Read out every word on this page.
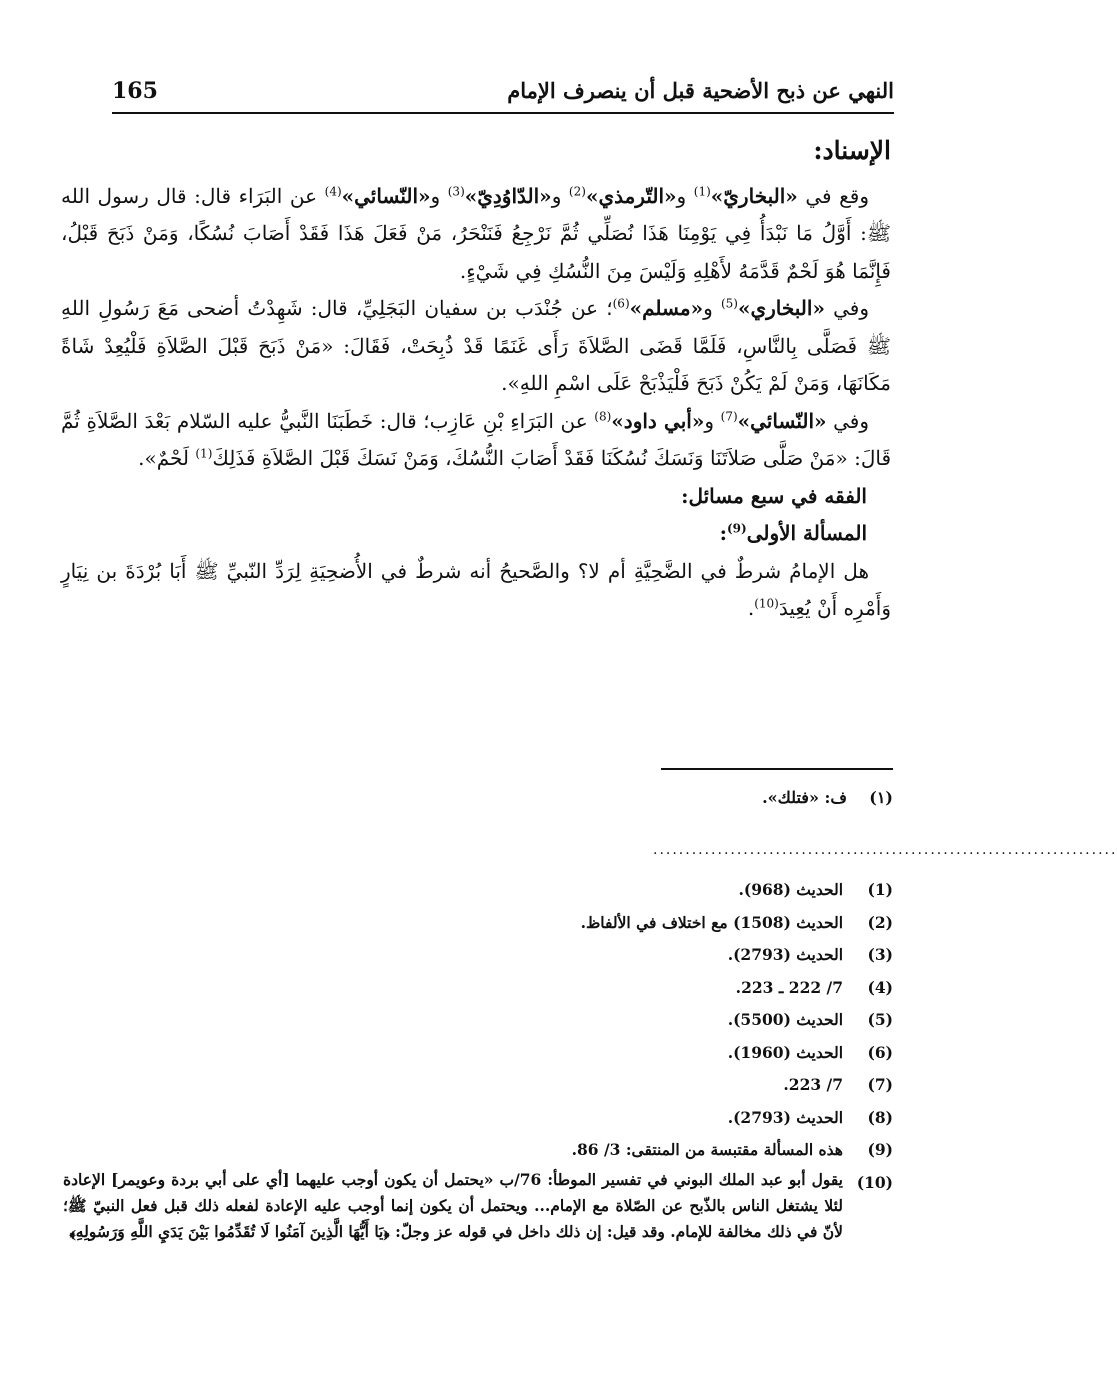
165	النهي عن ذبح الأضحية قبل أن ينصرف الإمام
الإسناد:

وقع في «البخاريّ»$^{(1)}$ و«التّرمذي»$^{(2)}$ و«الدّاوُدِيّ»$^{(3)}$ و«النّسائي»$^{(4)}$ عن البَرَاء قال: قال رسول الله ﷺ: أَوَّلُ مَا نَبْدَأُ فِي يَوْمِنَا هَذَا نُصَلِّي ثُمَّ نَرْجِعُ فَنَنْحَرُ، مَنْ فَعَلَ هَذَا فَقَدْ أَصَابَ نُسُكًا، وَمَنْ ذَبَحَ قَبْلُ، فَإِنَّمَا هُوَ لَحْمٌ قَدَّمَهُ لأَهْلِهِ وَلَيْسَ مِنَ النُّسُكِ فِي شَيْءٍ.

وفي «البخاري»$^{(5)}$ و«مسلم»$^{(6)}$؛ عن جُنْدَب بن سفيان البَجَلِيِّ، قال: شَهِدْتُ أضحى مَعَ رَسُولِ اللهِ ﷺ فَصَلَّى بِالنَّاسِ، فَلَمَّا قَضَى الصَّلاَةَ رَأَى غَنَمًا قَدْ ذُبِحَتْ، فَقَالَ: «مَنْ ذَبَحَ قَبْلَ الصَّلاَةِ فَلْيُعِدْ شَاةً مَكَانَهَا، وَمَنْ لَمْ يَكُنْ ذَبَحَ فَلْيَذْبَحْ عَلَى اسْمِ اللهِ».

وفي «النّسائي»$^{(7)}$ و«أبي داود»$^{(8)}$ عن البَرَاءِ بْنِ عَازِب؛ قال: خَطَبَنَا النَّبيُّ عليه السّلام بَعْدَ الصَّلاَةِ ثُمَّ قَالَ: «مَنْ صَلَّى صَلاَتَنَا وَنَسَكَ نُسُكَنَا فَقَدْ أَصَابَ النُّسُكَ، وَمَنْ نَسَكَ قَبْلَ الصَّلاَةِ فَذَلِكَ$^{(1)}$ لَحْمٌ».

الفقه في سبع مسائل:
المسألة الأولى$^{(9)}$:

هل الإمامُ شرطٌ في الضَّحِيَّةِ أم لا؟ والصَّحيحُ أنه شرطٌ في الأُضحِيَةِ لِرَدِّ النّبيِّ ﷺ أَبَا بُرْدَةَ بن نِيَارٍ وَأَمْرِه أَنْ يُعِيدَ$^{(10)}$.

(١)ف: «فتلك».
........................................................................
(1)
الحديث (968).
(2)
الحديث (1508) مع اختلاف في الألفاظ.
(3)
الحديث (2793).
(4)
7/ 222 ـ 223.
(5)
الحديث (5500).
(6)
الحديث (1960).
(7)
7/ 223.
(8)
الحديث (2793).
(9)
هذه المسألة مقتبسة من المنتقى: 3/ 86.
(10)
يقول أبو عبد الملك البوني في تفسير الموطأ: 76/ب «يحتمل أن يكون أوجب عليهما [أي على أبي بردة وعويمر] الإعادة لئلا يشتغل الناس بالذّبح عن الصّلاة مع الإمام... ويحتمل أن يكون إنما أوجب عليه الإعادة لفعله ذلك قبل فعل النبيّ ﷺ؛ لأنّ في ذلك مخالفة للإمام. وقد قيل: إن ذلك داخل في قوله عز وجلّ: ﴿يَا أَيُّهَا الَّذِينَ آمَنُوا لَا تُقَدِّمُوا بَيْنَ يَدَيِ اللَّهِ وَرَسُولِهِ﴾
